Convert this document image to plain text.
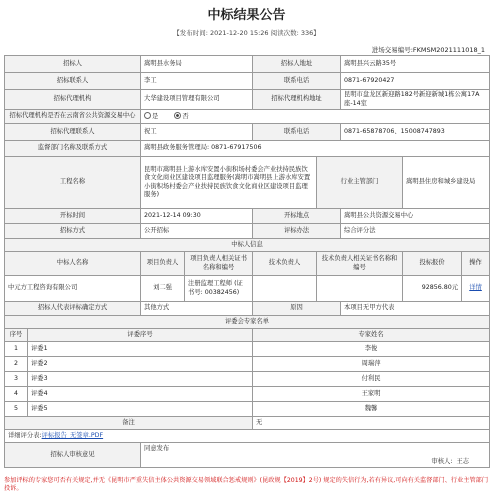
中标结果公告
【发布时间: 2021-12-20 15:26 阅读次数: 336】
进场交易编号:FKMSM2021111018_1
招标人		嵩明县水务局		招标人地址		嵩明县兴云路35号		
招标联系人		李工		联系电话		0871-67920427		
招标代理机构		大华建设项目管理有限公司		招标代理机构地址		昆明市盘龙区新迎路182号新迎新城1栋公寓17A座-14室		
招标代理机构是否在云南省公共资源交易中心		是 否						
招标代理联系人		祝工		联系电话		0871-65878706、15008747893		
监督部门名称及联系方式		嵩明县政务服务管理局: 0871-67917506						
工程名称		昆明市嵩明县上游水库安置小街积场村委会产业扶持民族饮食文化商业区建设项目监理服务(嵩明市嵩明县上游水库安置小街积场村委会产业扶持民族饮食文化商业区建设项目监理服务)			行业主管部门		嵩明县住房和城乡建设局	
开标时间		2021-12-14 09:30		开标地点		嵩明县公共资源交易中心		
招标方式		公开招标		评标办法		综合评分法		
中标人信息								
中标人名称		项目负责人	项目负责人相关证书名称和编号	技术负责人	技术负责人相关证书名称和编号		投标报价	操作
中元方工程咨询有限公司		刘二强	注册监理工程师 (证书号: 00382456)				92856.80元	详情
招标人代表评标确定方式		其他方式		原因		本项目无甲方代表		
评委会专家名单								
序号	评委序号			专家姓名				
1	评委1			李俊				
2	评委2			周瑞萍				
3	评委3			付利民				
4	评委4			王家明				
5	评委5			魏馨				
备注				无				
详细评分表:评标报告_无签章.PDF								
招标人审核意见		同意发布
审核人: 王志						
参加评标的专家您可否有关规定,并无《昆明市严重失信主体公共资源交易领域联合惩戒规则》(昆政规【2019】2号) 规定的失信行为,若有异议,可向有关监督部门、行业主管部门投诉。
